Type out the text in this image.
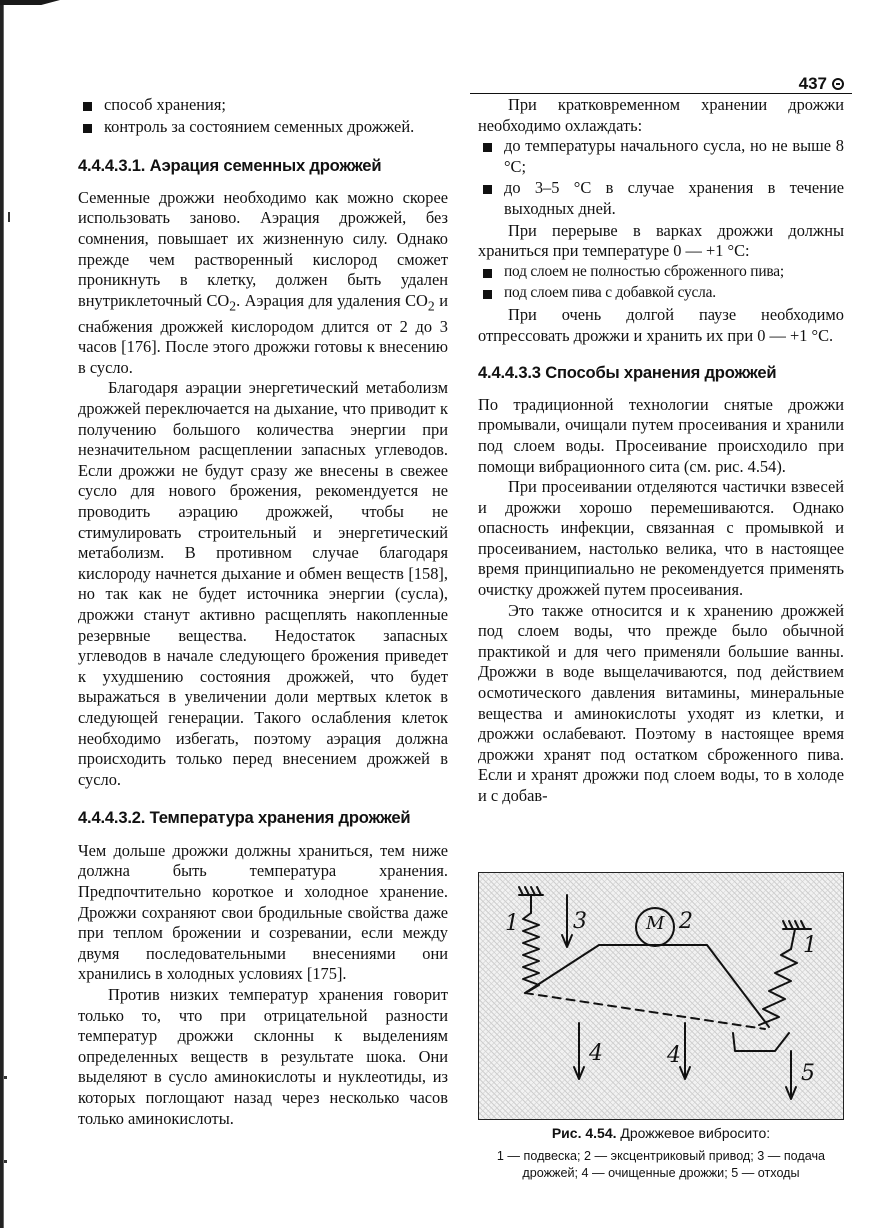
437
способ хранения;
контроль за состоянием семенных дрожжей.
4.4.4.3.1. Аэрация семенных дрожжей

Семенные дрожжи необходимо как можно скорее использовать заново. Аэрация дрожжей, без сомнения, повышает их жизненную силу. Однако прежде чем растворенный кислород сможет проникнуть в клетку, должен быть удален внутриклеточный $CO_2$. Аэрация для удаления $CO_2$ и снабжения дрожжей кислородом длится от 2 до 3 часов [176]. После этого дрожжи готовы к внесению в сусло.

Благодаря аэрации энергетический метаболизм дрожжей переключается на дыхание, что приводит к получению большого количества энергии при незначительном расщеплении запасных углеводов. Если дрожжи не будут сразу же внесены в свежее сусло для нового брожения, рекомендуется не проводить аэрацию дрожжей, чтобы не стимулировать строительный и энергетический метаболизм. В противном случае благодаря кислороду начнется дыхание и обмен веществ [158], но так как не будет источника энергии (сусла), дрожжи станут активно расщеплять накопленные резервные вещества. Недостаток запасных углеводов в начале следующего брожения приведет к ухудшению состояния дрожжей, что будет выражаться в увеличении доли мертвых клеток в следующей генерации. Такого ослабления клеток необходимо избегать, поэтому аэрация должна происходить только перед внесением дрожжей в сусло.

4.4.4.3.2. Температура хранения дрожжей

Чем дольше дрожжи должны храниться, тем ниже должна быть температура хранения. Предпочтительно короткое и холодное хранение. Дрожжи сохраняют свои бродильные свойства даже при теплом брожении и созревании, если между двумя последовательными внесениями они хранились в холодных условиях [175].

Против низких температур хранения говорит только то, что при отрицательной разности температур дрожжи склонны к выделениям определенных веществ в результате шока. Они выделяют в сусло аминокислоты и нуклеотиды, из которых поглощают назад через несколько часов только аминокислоты.

При кратковременном хранении дрожжи необходимо охлаждать:

до температуры начального сусла, но не выше 8 °С;
до 3–5 °С в случае хранения в течение выходных дней.

При перерыве в варках дрожжи должны храниться при температуре 0 — +1 °С:

под слоем не полностью сброженного пива;
под слоем пива с добавкой сусла.

При очень долгой паузе необходимо отпрессовать дрожжи и хранить их при 0 — +1 °С.

4.4.4.3.3 Способы хранения дрожжей

По традиционной технологии снятые дрожжи промывали, очищали путем просеивания и хранили под слоем воды. Просеивание происходило при помощи вибрационного сита (см. рис. 4.54).

При просеивании отделяются частички взвесей и дрожжи хорошо перемешиваются. Однако опасность инфекции, связанная с промывкой и просеиванием, настолько велика, что в настоящее время принципиально не рекомендуется применять очистку дрожжей путем просеивания.

Это также относится и к хранению дрожжей под слоем воды, что прежде было обычной практикой и для чего применяли большие ванны. Дрожжи в воде выщелачиваются, под действием осмотического давления витамины, минеральные вещества и аминокислоты уходят из клетки, и дрожжи ослабевают. Поэтому в настоящее время дрожжи хранят под остатком сброженного пива. Если и хранят дрожжи под слоем воды, то в холоде и с добав-

1 3	M 2
1
4	4
5
Рис. 4.54. Дрожжевое вибросито:
1 — подвеска; 2 — эксцентриковый привод; 3 — подача дрожжей; 4 — очищенные дрожжи; 5 — отходы
